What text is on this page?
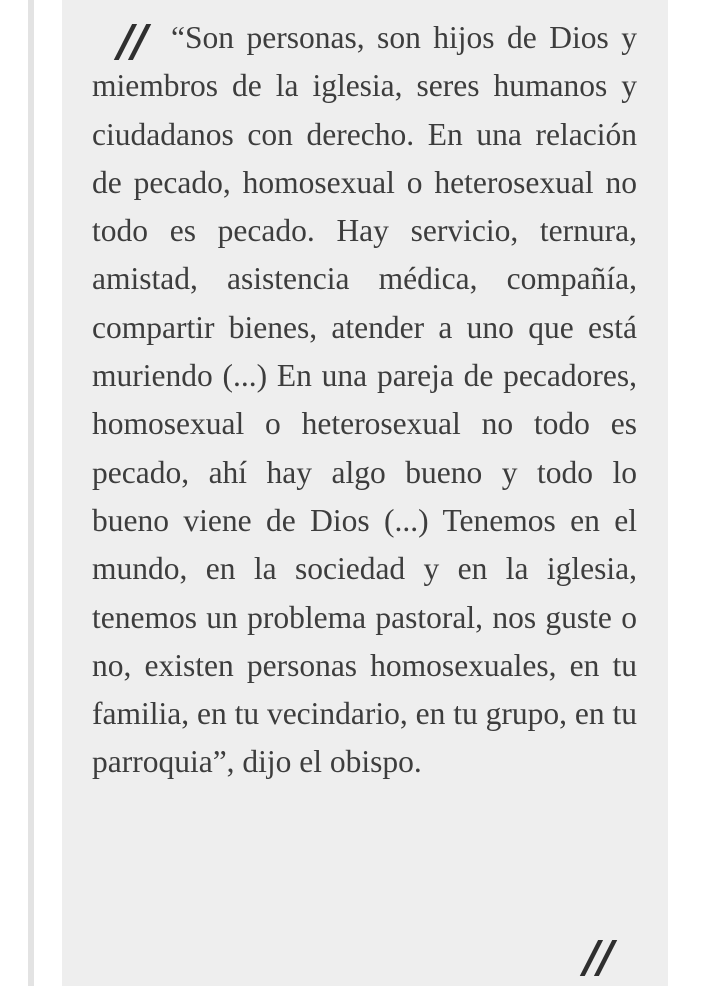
// “Son personas, son hijos de Dios y miembros de la iglesia, seres humanos y ciudadanos con derecho. En una relación de pecado, homosexual o heterosexual no todo es pecado. Hay servicio, ternura, amistad, asistencia médica, compañía, compartir bienes, atender a uno que está muriendo (...) En una pareja de pecadores, homosexual o heterosexual no todo es pecado, ahí hay algo bueno y todo lo bueno viene de Dios (...) Tenemos en el mundo, en la sociedad y en la iglesia, tenemos un problema pastoral, nos guste o no, existen personas homosexuales, en tu familia, en tu vecindario, en tu grupo, en tu parroquia”, dijo el obispo.

//
